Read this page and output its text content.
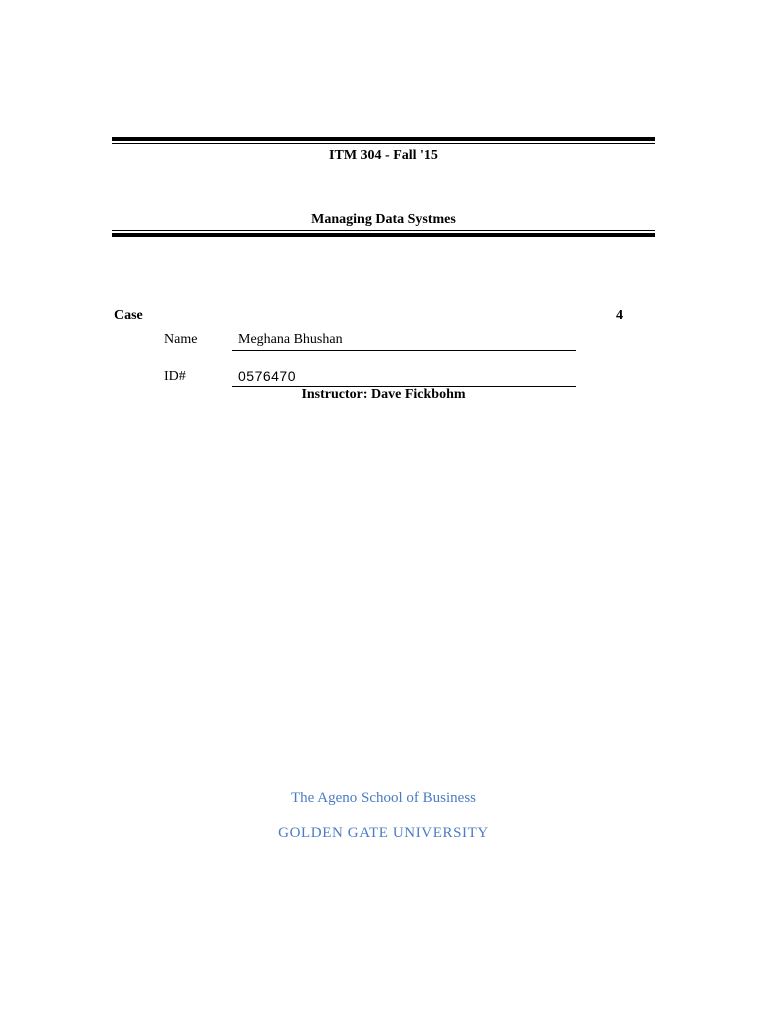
ITM 304 - Fall '15
Managing Data Systmes
Case	4
Name	Meghana Bhushan
ID#	0576470
Instructor: Dave Fickbohm
The Ageno School of Business
GOLDEN GATE UNIVERSITY
